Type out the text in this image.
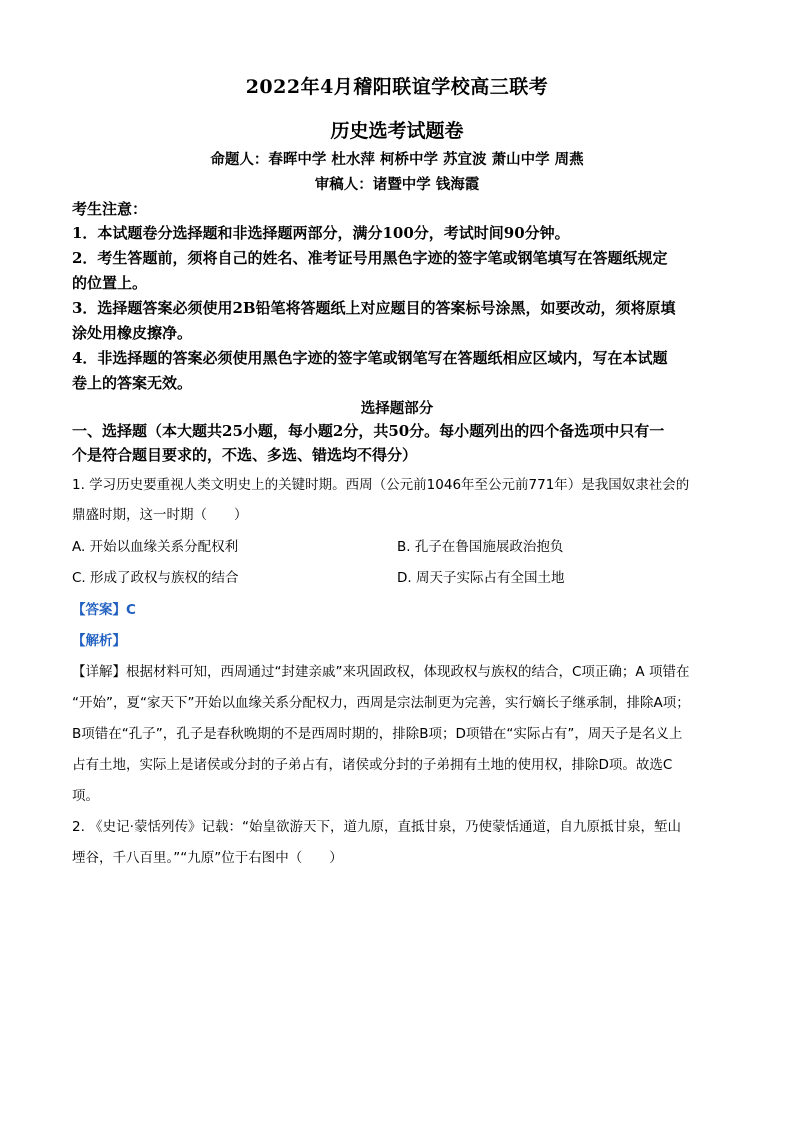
2022年4月稽阳联谊学校高三联考
历史选考试题卷
命题人：春晖中学 杜水萍 柯桥中学 苏宜波 萧山中学 周燕
审稿人：诸暨中学 钱海霞
考生注意：
1．本试题卷分选择题和非选择题两部分，满分100分，考试时间90分钟。
2．考生答题前，须将自己的姓名、准考证号用黑色字迹的签字笔或钢笔填写在答题纸规定
的位置上。
3．选择题答案必须使用2B铅笔将答题纸上对应题目的答案标号涂黑，如要改动，须将原填
涂处用橡皮擦净。
4．非选择题的答案必须使用黑色字迹的签字笔或钢笔写在答题纸相应区域内，写在本试题
卷上的答案无效。
选择题部分
一、选择题（本大题共25小题，每小题2分，共50分。每小题列出的四个备选项中只有一
个是符合题目要求的，不选、多选、错选均不得分）
1. 学习历史要重视人类文明史上的关键时期。西周（公元前1046年至公元前771年）是我国奴隶社会的
鼎盛时期，这一时期（　　）
A. 开始以血缘关系分配权利	B. 孔子在鲁国施展政治抱负
C. 形成了政权与族权的结合	D. 周天子实际占有全国土地
【答案】C
【解析】
【详解】根据材料可知，西周通过“封建亲戚”来巩固政权，体现政权与族权的结合，C项正确；A 项错在
“开始”，夏“家天下”开始以血缘关系分配权力，西周是宗法制更为完善，实行嫡长子继承制，排除A项；
B项错在“孔子”，孔子是春秋晚期的不是西周时期的，排除B项；D项错在“实际占有”，周天子是名义上
占有土地，实际上是诸侯或分封的子弟占有，诸侯或分封的子弟拥有土地的使用权，排除D项。故选C
项。
2. 《史记·蒙恬列传》记载：“始皇欲游天下，道九原，直抵甘泉，乃使蒙恬通道，自九原抵甘泉，堑山
堙谷，千八百里。”“九原”位于右图中（　　）
